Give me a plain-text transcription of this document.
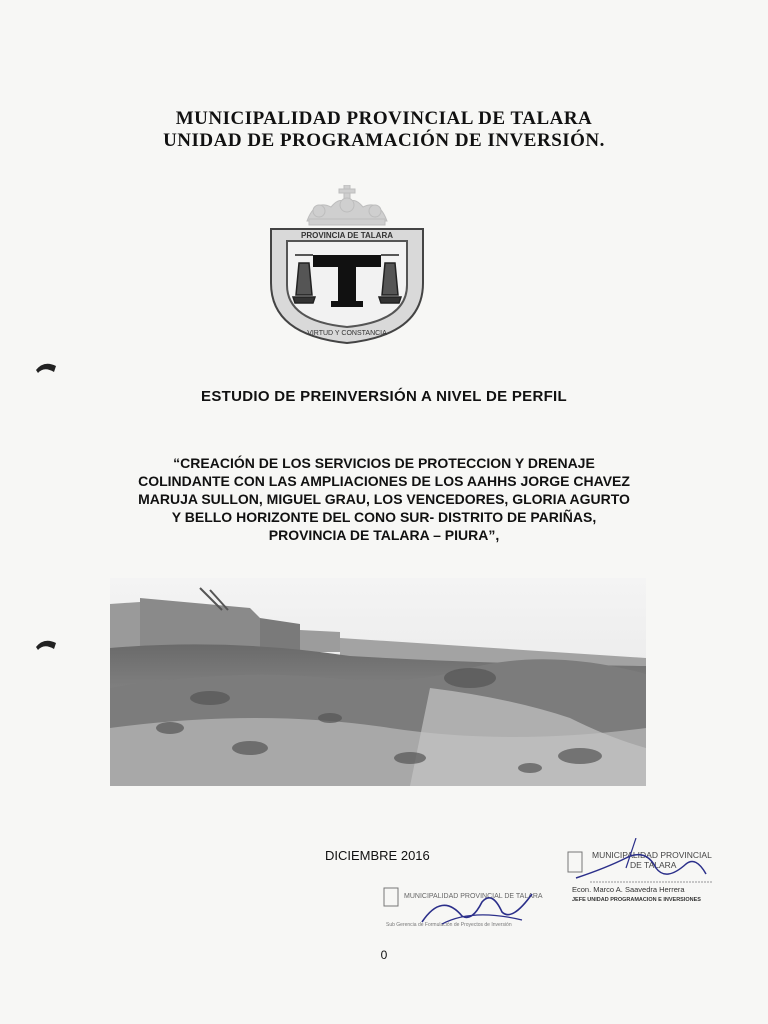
MUNICIPALIDAD PROVINCIAL DE TALARA
UNIDAD DE PROGRAMACIÓN DE INVERSIÓN.
PROVINCIA DE TALARA
VIRTUD Y CONSTANCIA
ESTUDIO DE PREINVERSIÓN A NIVEL DE PERFIL
“CREACIÓN DE LOS SERVICIOS DE PROTECCION Y DRENAJE
COLINDANTE CON LAS AMPLIACIONES DE LOS AAHHS JORGE CHAVEZ
MARUJA SULLON, MIGUEL GRAU, LOS VENCEDORES, GLORIA AGURTO
Y BELLO HORIZONTE DEL CONO SUR- DISTRITO DE PARIÑAS,
PROVINCIA DE TALARA – PIURA”,
DICIEMBRE 2016
MUNICIPALIDAD PROVINCIAL DE TALARA
Sub Gerencia de Formulación de Proyectos de Inversión
MUNICIPALIDAD PROVINCIAL
DE TALARA
Econ. Marco A. Saavedra Herrera
JEFE UNIDAD PROGRAMACION E INVERSIONES
0
